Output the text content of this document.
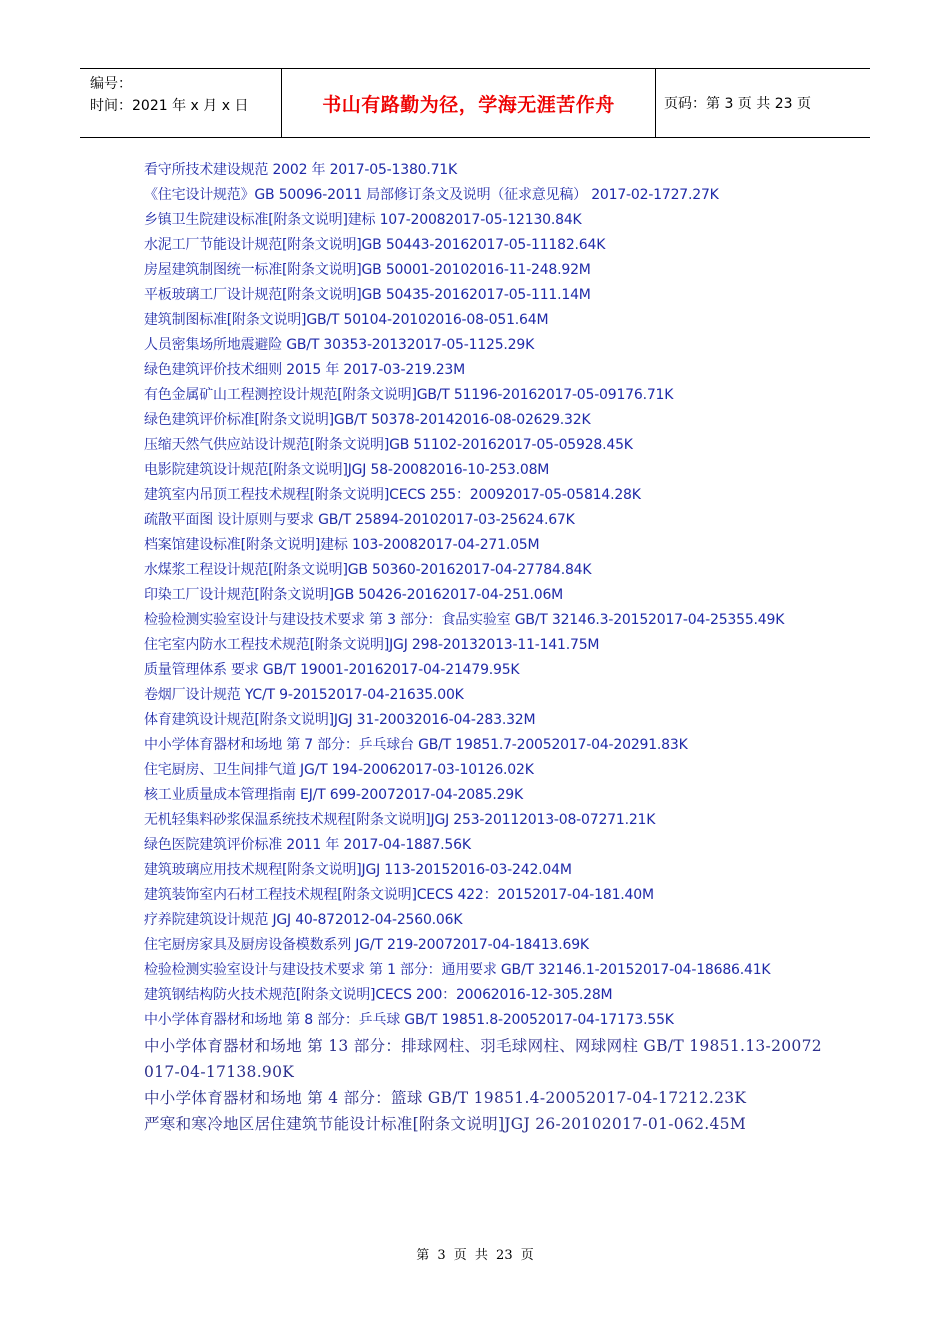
编号：
时间：2021 年 x 月 x 日	书山有路勤为径，学海无涯苦作舟	页码：第 3 页 共 23 页
看守所技术建设规范 2002 年 2017-05-1380.71K
《住宅设计规范》GB 50096-2011 局部修订条文及说明（征求意见稿） 2017-02-1727.27K
乡镇卫生院建设标准[附条文说明]建标 107-20082017-05-12130.84K
水泥工厂节能设计规范[附条文说明]GB 50443-20162017-05-11182.64K
房屋建筑制图统一标准[附条文说明]GB 50001-20102016-11-248.92M
平板玻璃工厂设计规范[附条文说明]GB 50435-20162017-05-111.14M
建筑制图标准[附条文说明]GB/T 50104-20102016-08-051.64M
人员密集场所地震避险 GB/T 30353-20132017-05-1125.29K
绿色建筑评价技术细则 2015 年 2017-03-219.23M
有色金属矿山工程测控设计规范[附条文说明]GB/T 51196-20162017-05-09176.71K
绿色建筑评价标准[附条文说明]GB/T 50378-20142016-08-02629.32K
压缩天然气供应站设计规范[附条文说明]GB 51102-20162017-05-05928.45K
电影院建筑设计规范[附条文说明]JGJ 58-20082016-10-253.08M
建筑室内吊顶工程技术规程[附条文说明]CECS 255：20092017-05-05814.28K
疏散平面图 设计原则与要求 GB/T 25894-20102017-03-25624.67K
档案馆建设标准[附条文说明]建标 103-20082017-04-271.05M
水煤浆工程设计规范[附条文说明]GB 50360-20162017-04-27784.84K
印染工厂设计规范[附条文说明]GB 50426-20162017-04-251.06M
检验检测实验室设计与建设技术要求 第 3 部分：食品实验室 GB/T 32146.3-20152017-04-25355.49K
住宅室内防水工程技术规范[附条文说明]JGJ 298-20132013-11-141.75M
质量管理体系 要求 GB/T 19001-20162017-04-21479.95K
卷烟厂设计规范 YC/T 9-20152017-04-21635.00K
体育建筑设计规范[附条文说明]JGJ 31-20032016-04-283.32M
中小学体育器材和场地 第 7 部分：乒乓球台 GB/T 19851.7-20052017-04-20291.83K
住宅厨房、卫生间排气道 JG/T 194-20062017-03-10126.02K
核工业质量成本管理指南 EJ/T 699-20072017-04-2085.29K
无机轻集料砂浆保温系统技术规程[附条文说明]JGJ 253-20112013-08-07271.21K
绿色医院建筑评价标准 2011 年 2017-04-1887.56K
建筑玻璃应用技术规程[附条文说明]JGJ 113-20152016-03-242.04M
建筑装饰室内石材工程技术规程[附条文说明]CECS 422：20152017-04-181.40M
疗养院建筑设计规范 JGJ 40-872012-04-2560.06K
住宅厨房家具及厨房设备模数系列 JG/T 219-20072017-04-18413.69K
检验检测实验室设计与建设技术要求 第 1 部分：通用要求 GB/T 32146.1-20152017-04-18686.41K
建筑钢结构防火技术规范[附条文说明]CECS 200：20062016-12-305.28M
中小学体育器材和场地 第 8 部分：乒乓球 GB/T 19851.8-20052017-04-17173.55K
中小学体育器材和场地 第 13 部分：排球网柱、羽毛球网柱、网球网柱 GB/T 19851.13-20072017-04-17138.90K
中小学体育器材和场地 第 4 部分：篮球 GB/T 19851.4-20052017-04-17212.23K
严寒和寒冷地区居住建筑节能设计标准[附条文说明]JGJ 26-20102017-01-062.45M
第 3 页 共 23 页
